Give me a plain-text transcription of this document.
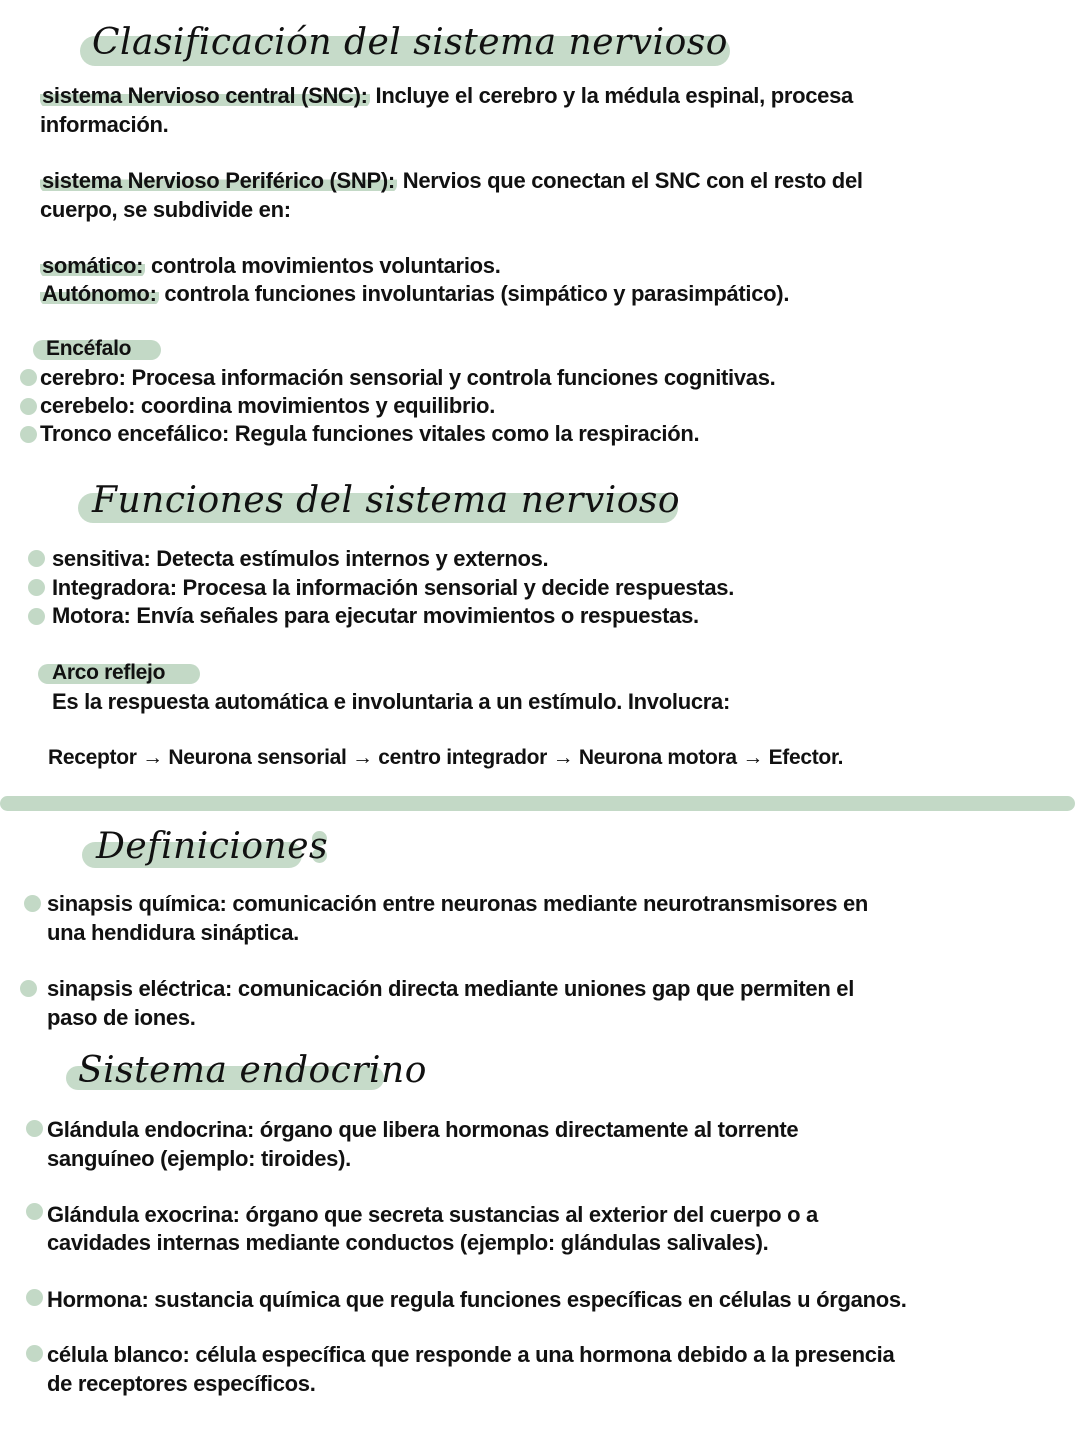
Clasificación del sistema nervioso
sistema Nervioso central (SNC): Incluye el cerebro y la médula espinal, procesa
información.
sistema Nervioso Periférico (SNP): Nervios que conectan el SNC con el resto del
cuerpo, se subdivide en:
somático: controla movimientos voluntarios.
Autónomo: controla funciones involuntarias (simpático y parasimpático).
Encéfalo
cerebro: Procesa información sensorial y controla funciones cognitivas.
cerebelo: coordina movimientos y equilibrio.
Tronco encefálico: Regula funciones vitales como la respiración.
Funciones del sistema nervioso
sensitiva: Detecta estímulos internos y externos.
Integradora: Procesa la información sensorial y decide respuestas.
Motora: Envía señales para ejecutar movimientos o respuestas.
Arco reflejo
Es la respuesta automática e involuntaria a un estímulo. Involucra:
Receptor → Neurona sensorial → centro integrador → Neurona motora → Efector.
Definiciones
sinapsis química: comunicación entre neuronas mediante neurotransmisores en
una hendidura sináptica.
sinapsis eléctrica: comunicación directa mediante uniones gap que permiten el
paso de iones.
Sistema endocrino
Glándula endocrina: órgano que libera hormonas directamente al torrente
sanguíneo (ejemplo: tiroides).
Glándula exocrina: órgano que secreta sustancias al exterior del cuerpo o a
cavidades internas mediante conductos (ejemplo: glándulas salivales).
Hormona: sustancia química que regula funciones específicas en células u órganos.
célula blanco: célula específica que responde a una hormona debido a la presencia
de receptores específicos.
